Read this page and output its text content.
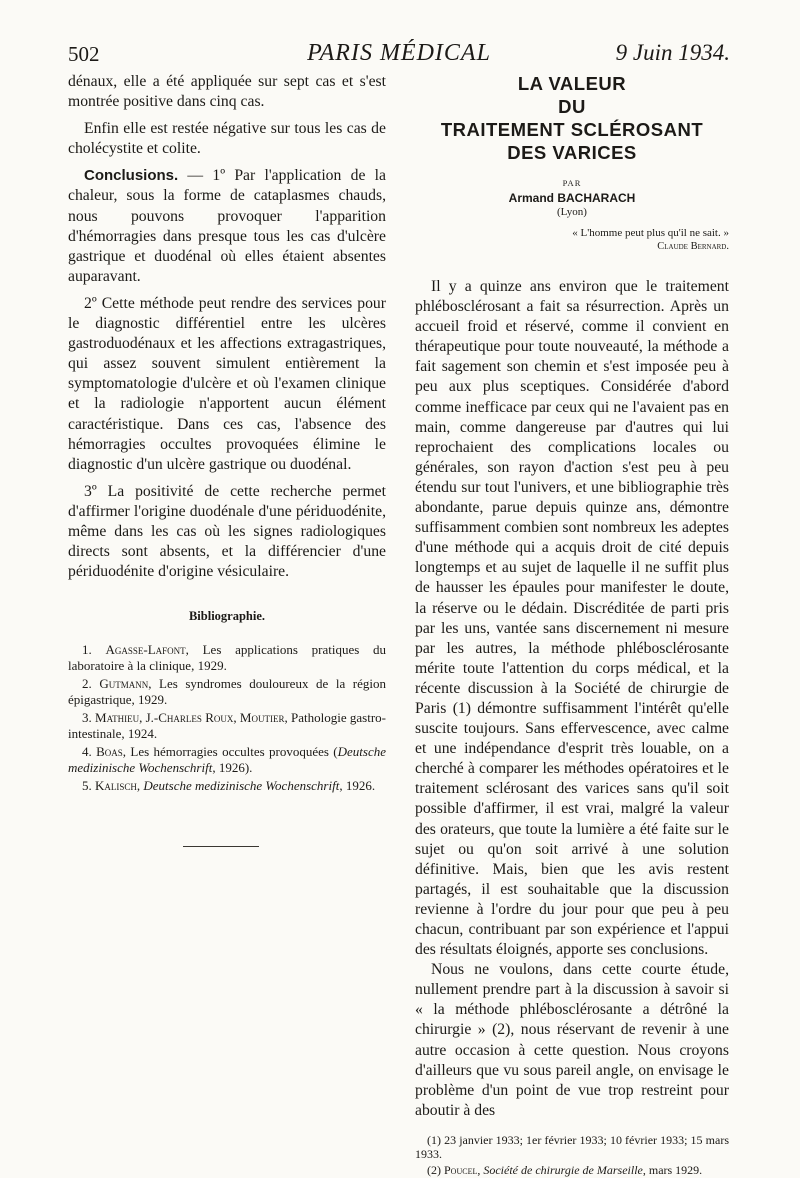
502	PARIS MÉDICAL	9 Juin 1934.

dénaux, elle a été appliquée sur sept cas et s'est montrée positive dans cinq cas.

Enfin elle est restée négative sur tous les cas de cholécystite et colite.

Conclusions. — 1º Par l'application de la chaleur, sous la forme de cataplasmes chauds, nous pouvons provoquer l'apparition d'hémorragies dans presque tous les cas d'ulcère gastrique et duodénal où elles étaient absentes auparavant.

2º Cette méthode peut rendre des services pour le diagnostic différentiel entre les ulcères gastroduodénaux et les affections extragastriques, qui assez souvent simulent entièrement la symptomatologie d'ulcère et où l'examen clinique et la radiologie n'apportent aucun élément caractéristique. Dans ces cas, l'absence des hémorragies occultes provoquées élimine le diagnostic d'un ulcère gastrique ou duodénal.

3º La positivité de cette recherche permet d'affirmer l'origine duodénale d'une périduodénite, même dans les cas où les signes radiologiques directs sont absents, et la différencier d'une périduodénite d'origine vésiculaire.

Bibliographie.

1. Agasse-Lafont, Les applications pratiques du laboratoire à la clinique, 1929.

2. Gutmann, Les syndromes douloureux de la région épigastrique, 1929.

3. Mathieu, J.-Charles Roux, Moutier, Pathologie gastro-intestinale, 1924.

4. Boas, Les hémorragies occultes provoquées (Deutsche medizinische Wochenschrift, 1926).

5. Kalisch, Deutsche medizinische Wochenschrift, 1926.

LA VALEUR

DU

TRAITEMENT SCLÉROSANT

DES VARICES

PAR
Armand BACHARACH
(Lyon)
« L'homme peut plus qu'il ne sait. »
Claude Bernard.

Il y a quinze ans environ que le traitement phlébosclérosant a fait sa résurrection. Après un accueil froid et réservé, comme il convient en thérapeutique pour toute nouveauté, la méthode a fait sagement son chemin et s'est imposée peu à peu aux plus sceptiques. Considérée d'abord comme inefficace par ceux qui ne l'avaient pas en main, comme dangereuse par d'autres qui lui reprochaient des complications locales ou générales, son rayon d'action s'est peu à peu étendu sur tout l'univers, et une bibliographie très abondante, parue depuis quinze ans, démontre suffisamment combien sont nombreux les adeptes d'une méthode qui a acquis droit de cité depuis longtemps et au sujet de laquelle il ne suffit plus de hausser les épaules pour manifester le doute, la réserve ou le dédain. Discréditée de parti pris par les uns, vantée sans discernement ni mesure par les autres, la méthode phlébosclérosante mérite toute l'attention du corps médical, et la récente discussion à la Société de chirurgie de Paris (1) démontre suffisamment l'intérêt qu'elle suscite toujours. Sans effervescence, avec calme et une indépendance d'esprit très louable, on a cherché à comparer les méthodes opératoires et le traitement sclérosant des varices sans qu'il soit possible d'affirmer, il est vrai, malgré la valeur des orateurs, que toute la lumière a été faite sur le sujet ou qu'on soit arrivé à une solution définitive. Mais, bien que les avis restent partagés, il est souhaitable que la discussion revienne à l'ordre du jour pour que peu à peu chacun, contribuant par son expérience et l'appui des résultats éloignés, apporte ses conclusions.

Nous ne voulons, dans cette courte étude, nullement prendre part à la discussion à savoir si « la méthode phlébosclérosante a détrôné la chirurgie » (2), nous réservant de revenir à une autre occasion à cette question. Nous croyons d'ailleurs que vu sous pareil angle, on envisage le problème d'un point de vue trop restreint pour aboutir à des

(1) 23 janvier 1933; 1er février 1933; 10 février 1933; 15 mars 1933.

(2) Poucel, Société de chirurgie de Marseille, mars 1929.
